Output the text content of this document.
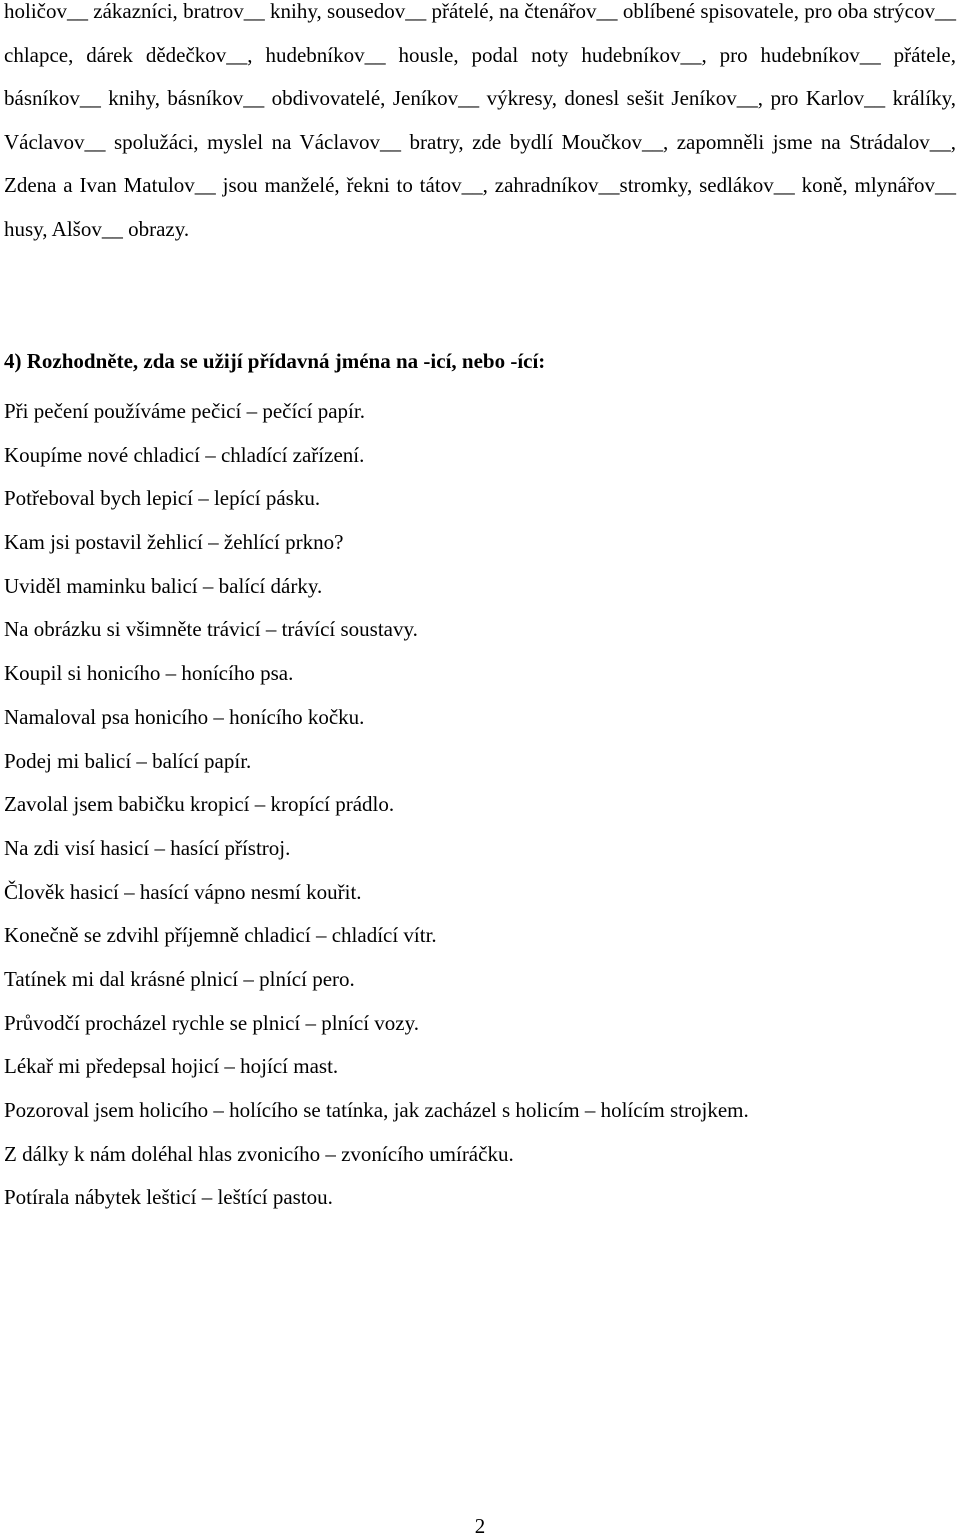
holičov__ zákazníci, bratrov__ knihy, sousedov__ přátelé, na čtenářov__ oblíbené spisovatele, pro oba strýcov__ chlapce, dárek dědečkov__, hudebníkov__ housle, podal noty hudebníkov__, pro hudebníkov__ přátele, básníkov__ knihy, básníkov__ obdivovatelé, Jeníkov__ výkresy, donesl sešit Jeníkov__, pro Karlov__ králíky, Václavov__ spolužáci, myslel na Václavov__ bratry, zde bydlí Moučkov__, zapomněli jsme na Strádalov__, Zdena a Ivan Matulov__ jsou manželé, řekni to tátov__, zahradníkov__stromky, sedlákov__ koně, mlynářov__ husy, Alšov__ obrazy.

4) Rozhodněte, zda se užijí přídavná jména na -icí, nebo -ící:

Při pečení používáme pečicí – pečící papír.
Koupíme nové chladicí – chladící zařízení.
Potřeboval bych lepicí – lepící pásku.
Kam jsi postavil žehlicí – žehlící prkno?
Uviděl maminku balicí – balící dárky.
Na obrázku si všimněte trávicí – trávící soustavy.
Koupil si honicího – honícího psa.
Namaloval psa honicího – honícího kočku.
Podej mi balicí – balící papír.
Zavolal jsem babičku kropicí – kropící prádlo.
Na zdi visí hasicí – hasící přístroj.
Člověk hasicí – hasící vápno nesmí kouřit.
Konečně se zdvihl příjemně chladicí – chladící vítr.
Tatínek mi dal krásné plnicí – plnící pero.
Průvodčí procházel rychle se plnicí – plnící vozy.
Lékař mi předepsal hojicí – hojící mast.
Pozoroval jsem holicího – holícího se tatínka, jak zacházel s holicím – holícím strojkem.
Z dálky k nám doléhal hlas zvonicího – zvonícího umíráčku.
Potírala nábytek lešticí – leštící pastou.
2
